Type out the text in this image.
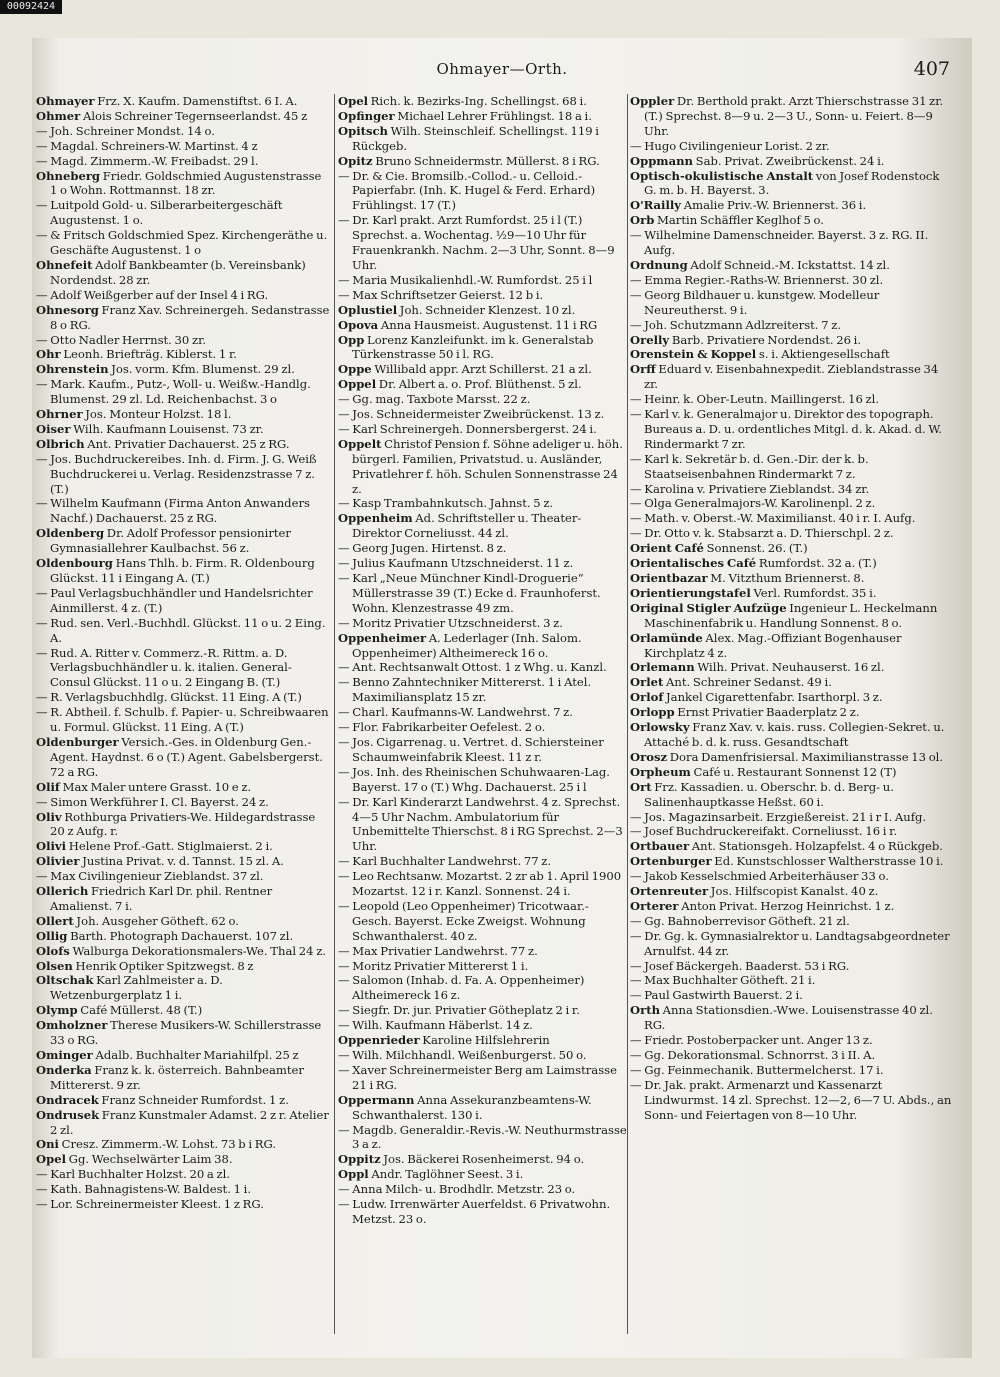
00092424
Ohmayer—Orth.	407
Ohmayer Frz. X. Kaufm. Damenstiftst. 6 I. A.
Ohmer Alois Schreiner Tegernseerlandst. 45 z
— Joh. Schreiner Mondst. 14 o.
— Magdal. Schreiners-W. Martinst. 4 z
— Magd. Zimmerm.-W. Freibadst. 29 l.
Ohneberg Friedr. Goldschmied Augustenstrasse 1 o Wohn. Rottmannst. 18 zr.
— Luitpold Gold- u. Silberarbeitergeschäft Augustenst. 1 o.
— & Fritsch Goldschmied Spez. Kirchengeräthe u. Geschäfte Augustenst. 1 o
Ohnefeit Adolf Bankbeamter (b. Vereinsbank) Nordendst. 28 zr.
— Adolf Weißgerber auf der Insel 4 i RG.
Ohnesorg Franz Xav. Schreinergeh. Sedanstrasse 8 o RG.
— Otto Nadler Herrnst. 30 zr.
Ohr Leonh. Briefträg. Kiblerst. 1 r.
Ohrenstein Jos. vorm. Kfm. Blumenst. 29 zl.
— Mark. Kaufm., Putz-, Woll- u. Weißw.-Handlg. Blumenst. 29 zl. Ld. Reichenbachst. 3 o
Ohrner Jos. Monteur Holzst. 18 l.
Oiser Wilh. Kaufmann Louisenst. 73 zr.
Olbrich Ant. Privatier Dachauerst. 25 z RG.
— Jos. Buchdruckereibes. Inh. d. Firm. J. G. Weiß Buchdruckerei u. Verlag. Residenzstrasse 7 z. (T.)
— Wilhelm Kaufmann (Firma Anton Anwanders Nachf.) Dachauerst. 25 z RG.
Oldenberg Dr. Adolf Professor pensionirter Gymnasiallehrer Kaulbachst. 56 z.
Oldenbourg Hans Thlh. b. Firm. R. Oldenbourg Glückst. 11 i Eingang A. (T.)
— Paul Verlagsbuchhändler und Handelsrichter Ainmillerst. 4 z. (T.)
— Rud. sen. Verl.-Buchhdl. Glückst. 11 o u. 2 Eing. A.
— Rud. A. Ritter v. Commerz.-R. Rittm. a. D. Verlagsbuchhändler u. k. italien. General-Consul Glückst. 11 o u. 2 Eingang B. (T.)
— R. Verlagsbuchhdlg. Glückst. 11 Eing. A (T.)
— R. Abtheil. f. Schulb. f. Papier- u. Schreibwaaren u. Formul. Glückst. 11 Eing. A (T.)
Oldenburger Versich.-Ges. in Oldenburg Gen.-Agent. Haydnst. 6 o (T.) Agent. Gabelsbergerst. 72 a RG.
Olif Max Maler untere Grasst. 10 e z.
— Simon Werkführer I. Cl. Bayerst. 24 z.
Oliv Rothburga Privatiers-We. Hildegardstrasse 20 z Aufg. r.
Olivi Helene Prof.-Gatt. Stiglmaierst. 2 i.
Olivier Justina Privat. v. d. Tannst. 15 zl. A.
— Max Civilingenieur Zieblandst. 37 zl.
Ollerich Friedrich Karl Dr. phil. Rentner Amalienst. 7 i.
Ollert Joh. Ausgeher Götheft. 62 o.
Ollig Barth. Photograph Dachauerst. 107 zl.
Olofs Walburga Dekorationsmalers-We. Thal 24 z.
Olsen Henrik Optiker Spitzwegst. 8 z
Oltschak Karl Zahlmeister a. D. Wetzenburgerplatz 1 i.
Olymp Café Müllerst. 48 (T.)
Omholzner Therese Musikers-W. Schillerstrasse 33 o RG.
Ominger Adalb. Buchhalter Mariahilfpl. 25 z
Onderka Franz k. k. österreich. Bahnbeamter Mittererst. 9 zr.
Ondracek Franz Schneider Rumfordst. 1 z.
Ondrusek Franz Kunstmaler Adamst. 2 z r. Atelier 2 zl.
Oni Cresz. Zimmerm.-W. Lohst. 73 b i RG.
Opel Gg. Wechselwärter Laim 38.
— Karl Buchhalter Holzst. 20 a zl.
— Kath. Bahnagistens-W. Baldest. 1 i.
— Lor. Schreinermeister Kleest. 1 z RG.
Opel Rich. k. Bezirks-Ing. Schellingst. 68 i.
Opfinger Michael Lehrer Frühlingst. 18 a i.
Opitsch Wilh. Steinschleif. Schellingst. 119 i Rückgeb.
Opitz Bruno Schneidermstr. Müllerst. 8 i RG.
— Dr. & Cie. Bromsilb.-Collod.- u. Celloid.-Papierfabr. (Inh. K. Hugel & Ferd. Erhard) Frühlingst. 17 (T.)
— Dr. Karl prakt. Arzt Rumfordst. 25 i l (T.) Sprechst. a. Wochentag. ½9—10 Uhr für Frauenkrankh. Nachm. 2—3 Uhr, Sonnt. 8—9 Uhr.
— Maria Musikalienhdl.-W. Rumfordst. 25 i l
— Max Schriftsetzer Geierst. 12 b i.
Oplustiel Joh. Schneider Klenzest. 10 zl.
Opova Anna Hausmeist. Augustenst. 11 i RG
Opp Lorenz Kanzleifunkt. im k. Generalstab Türkenstrasse 50 i l. RG.
Oppe Willibald appr. Arzt Schillerst. 21 a zl.
Oppel Dr. Albert a. o. Prof. Blüthenst. 5 zl.
— Gg. mag. Taxbote Marsst. 22 z.
— Jos. Schneidermeister Zweibrückenst. 13 z.
— Karl Schreinergeh. Donnersbergerst. 24 i.
Oppelt Christof Pension f. Söhne adeliger u. höh. bürgerl. Familien, Privatstud. u. Ausländer, Privatlehrer f. höh. Schulen Sonnenstrasse 24 z.
— Kasp Trambahnkutsch. Jahnst. 5 z.
Oppenheim Ad. Schriftsteller u. Theater-Direktor Corneliusst. 44 zl.
— Georg Jugen. Hirtenst. 8 z.
— Julius Kaufmann Utzschneiderst. 11 z.
— Karl „Neue Münchner Kindl-Droguerie“ Müllerstrasse 39 (T.) Ecke d. Fraunhoferst. Wohn. Klenzestrasse 49 zm.
— Moritz Privatier Utzschneiderst. 3 z.
Oppenheimer A. Lederlager (Inh. Salom. Oppenheimer) Altheimereck 16 o.
— Ant. Rechtsanwalt Ottost. 1 z Whg. u. Kanzl.
— Benno Zahntechniker Mittererst. 1 i Atel. Maximiliansplatz 15 zr.
— Charl. Kaufmanns-W. Landwehrst. 7 z.
— Flor. Fabrikarbeiter Oefelest. 2 o.
— Jos. Cigarrenag. u. Vertret. d. Schiersteiner Schaumweinfabrik Kleest. 11 z r.
— Jos. Inh. des Rheinischen Schuhwaaren-Lag. Bayerst. 17 o (T.) Whg. Dachauerst. 25 i l
— Dr. Karl Kinderarzt Landwehrst. 4 z. Sprechst. 4—5 Uhr Nachm. Ambulatorium für Unbemittelte Thierschst. 8 i RG Sprechst. 2—3 Uhr.
— Karl Buchhalter Landwehrst. 77 z.
— Leo Rechtsanw. Mozartst. 2 zr ab 1. April 1900 Mozartst. 12 i r. Kanzl. Sonnenst. 24 i.
— Leopold (Leo Oppenheimer) Tricotwaar.-Gesch. Bayerst. Ecke Zweigst. Wohnung Schwanthalerst. 40 z.
— Max Privatier Landwehrst. 77 z.
— Moritz Privatier Mittererst 1 i.
— Salomon (Inhab. d. Fa. A. Oppenheimer) Altheimereck 16 z.
— Siegfr. Dr. jur. Privatier Götheplatz 2 i r.
— Wilh. Kaufmann Häberlst. 14 z.
Oppenrieder Karoline Hilfslehrerin
— Wilh. Milchhandl. Weißenburgerst. 50 o.
— Xaver Schreinermeister Berg am Laimstrasse 21 i RG.
Oppermann Anna Assekuranzbeamtens-W. Schwanthalerst. 130 i.
— Magdb. Generaldir.-Revis.-W. Neuthurmstrasse 3 a z.
Oppitz Jos. Bäckerei Rosenheimerst. 94 o.
Oppl Andr. Taglöhner Seest. 3 i.
— Anna Milch- u. Brodhdlr. Metzstr. 23 o.
— Ludw. Irrenwärter Auerfeldst. 6 Privatwohn. Metzst. 23 o.
Oppler Dr. Berthold prakt. Arzt Thierschstrasse 31 zr. (T.) Sprechst. 8—9 u. 2—3 U., Sonn- u. Feiert. 8—9 Uhr.
— Hugo Civilingenieur Lorist. 2 zr.
Oppmann Sab. Privat. Zweibrückenst. 24 i.
Optisch-okulistische Anstalt von Josef Rodenstock G. m. b. H. Bayerst. 3.
O'Railly Amalie Priv.-W. Briennerst. 36 i.
Orb Martin Schäffler Keglhof 5 o.
— Wilhelmine Damenschneider. Bayerst. 3 z. RG. II. Aufg.
Ordnung Adolf Schneid.-M. Ickstattst. 14 zl.
— Emma Regier.-Raths-W. Briennerst. 30 zl.
— Georg Bildhauer u. kunstgew. Modelleur Neureutherst. 9 i.
— Joh. Schutzmann Adlzreiterst. 7 z.
Orelly Barb. Privatiere Nordendst. 26 i.
Orenstein & Koppel s. i. Aktiengesellschaft
Orff Eduard v. Eisenbahnexpedit. Zieblandstrasse 34 zr.
— Heinr. k. Ober-Leutn. Maillingerst. 16 zl.
— Karl v. k. Generalmajor u. Direktor des topograph. Bureaus a. D. u. ordentliches Mitgl. d. k. Akad. d. W. Rindermarkt 7 zr.
— Karl k. Sekretär b. d. Gen.-Dir. der k. b. Staatseisenbahnen Rindermarkt 7 z.
— Karolina v. Privatiere Zieblandst. 34 zr.
— Olga Generalmajors-W. Karolinenpl. 2 z.
— Math. v. Oberst.-W. Maximilianst. 40 i r. I. Aufg.
— Dr. Otto v. k. Stabsarzt a. D. Thierschpl. 2 z.
Orient Café Sonnenst. 26. (T.)
Orientalisches Café Rumfordst. 32 a. (T.)
Orientbazar M. Vitzthum Briennerst. 8.
Orientierungstafel Verl. Rumfordst. 35 i.
Original Stigler Aufzüge Ingenieur L. Heckelmann Maschinenfabrik u. Handlung Sonnenst. 8 o.
Orlamünde Alex. Mag.-Offiziant Bogenhauser Kirchplatz 4 z.
Orlemann Wilh. Privat. Neuhauserst. 16 zl.
Orlet Ant. Schreiner Sedanst. 49 i.
Orlof Jankel Cigarettenfabr. Isarthorpl. 3 z.
Orlopp Ernst Privatier Baaderplatz 2 z.
Orlowsky Franz Xav. v. kais. russ. Collegien-Sekret. u. Attaché b. d. k. russ. Gesandtschaft
Orosz Dora Damenfrisiersal. Maximilianstrasse 13 ol.
Orpheum Café u. Restaurant Sonnenst 12 (T)
Ort Frz. Kassadien. u. Oberschr. b. d. Berg- u. Salinenhauptkasse Heßst. 60 i.
— Jos. Magazinsarbeit. Erzgießereist. 21 i r I. Aufg.
— Josef Buchdruckereifakt. Corneliusst. 16 i r.
Ortbauer Ant. Stationsgeh. Holzapfelst. 4 o Rückgeb.
Ortenburger Ed. Kunstschlosser Waltherstrasse 10 i.
— Jakob Kesselschmied Arbeiterhäuser 33 o.
Ortenreuter Jos. Hilfscopist Kanalst. 40 z.
Orterer Anton Privat. Herzog Heinrichst. 1 z.
— Gg. Bahnoberrevisor Götheft. 21 zl.
— Dr. Gg. k. Gymnasialrektor u. Landtagsabgeordneter Arnulfst. 44 zr.
— Josef Bäckergeh. Baaderst. 53 i RG.
— Max Buchhalter Götheft. 21 i.
— Paul Gastwirth Bauerst. 2 i.
Orth Anna Stationsdien.-Wwe. Louisenstrasse 40 zl. RG.
— Friedr. Postoberpacker unt. Anger 13 z.
— Gg. Dekorationsmal. Schnorrst. 3 i II. A.
— Gg. Feinmechanik. Buttermelcherst. 17 i.
— Dr. Jak. prakt. Armenarzt und Kassenarzt Lindwurmst. 14 zl. Sprechst. 12—2, 6—7 U. Abds., an Sonn- und Feiertagen von 8—10 Uhr.
